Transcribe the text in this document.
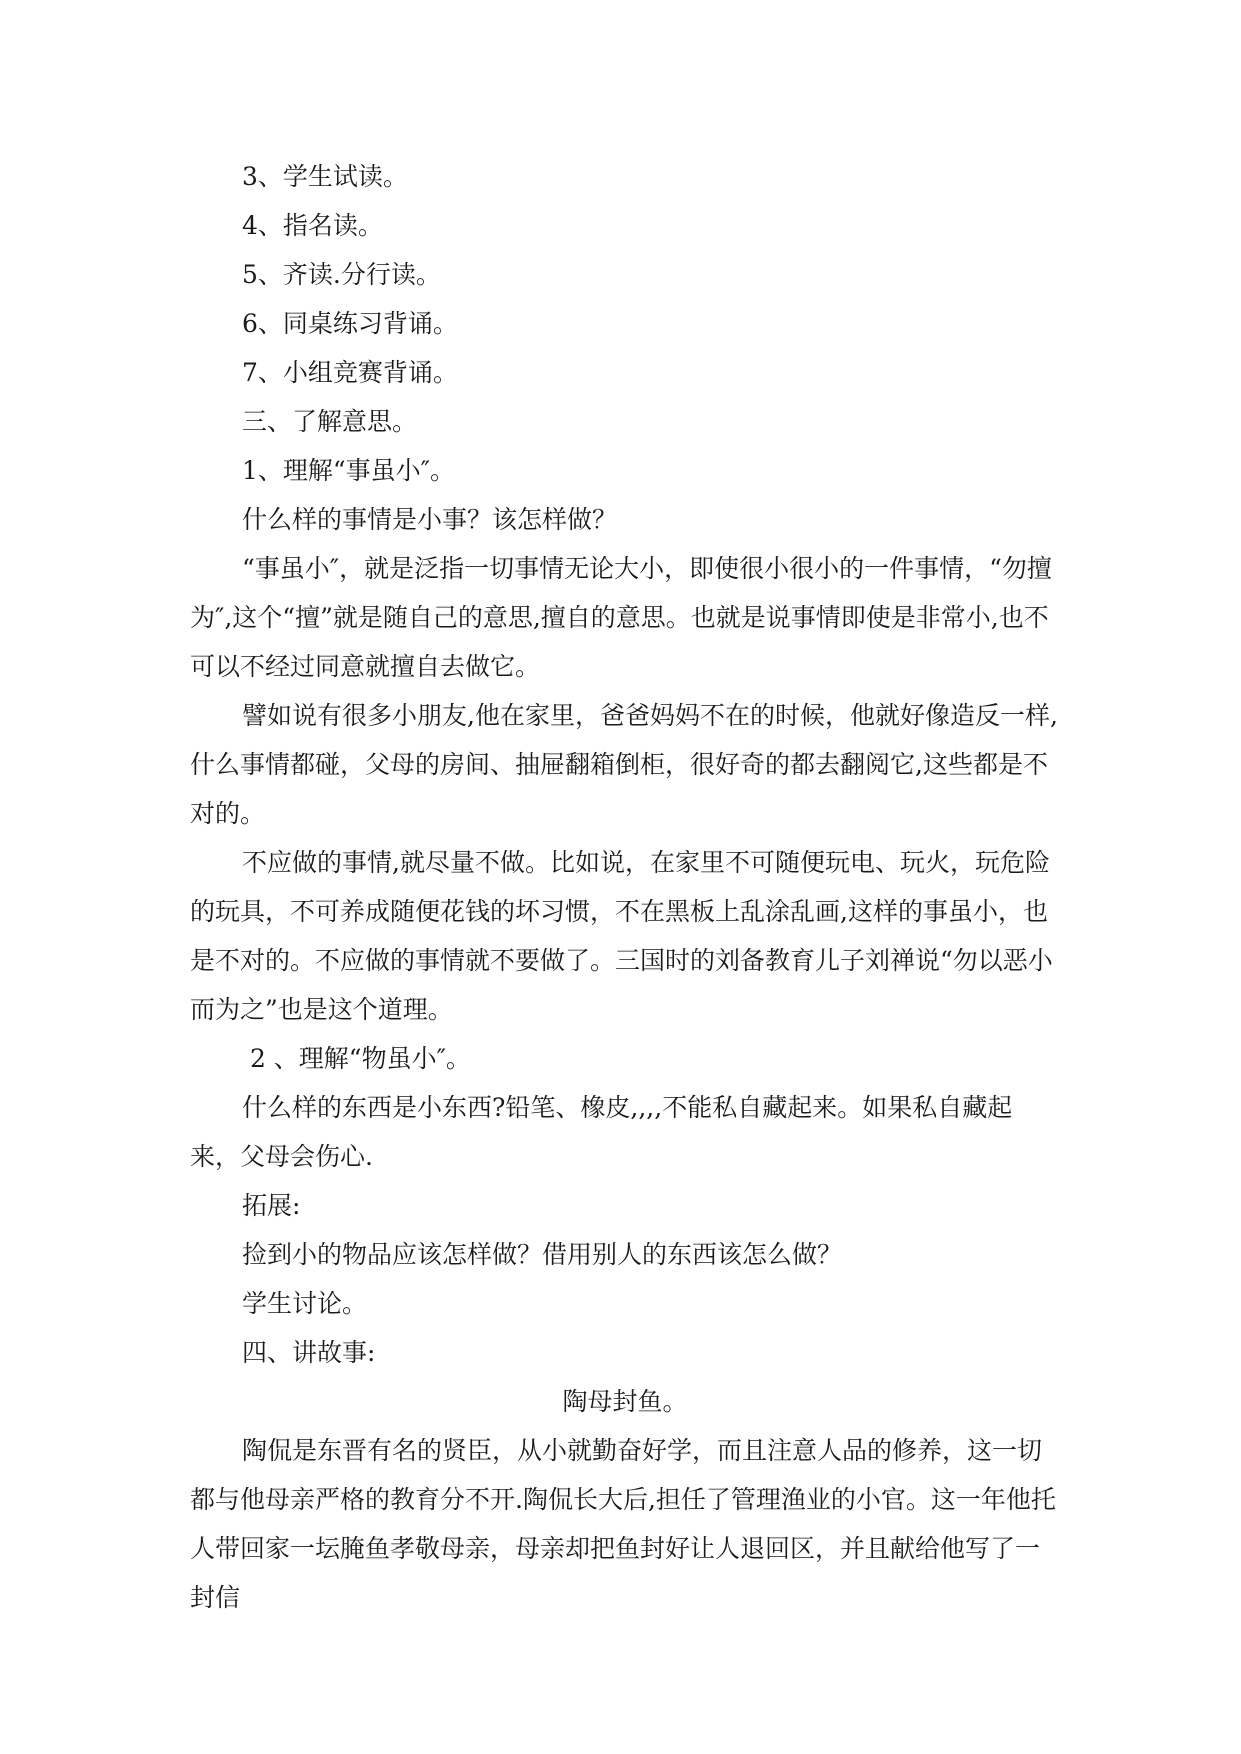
3、学生试读。

4、指名读。

5、齐读.分行读。

6、同桌练习背诵。

7、小组竞赛背诵。

三、了解意思。

1、理解“事虽小″。

什么样的事情是小事？该怎样做？

“事虽小″，就是泛指一切事情无论大小，即使很小很小的一件事情，“勿擅为″,这个“擅”就是随自己的意思,擅自的意思。也就是说事情即使是非常小,也不可以不经过同意就擅自去做它。

譬如说有很多小朋友,他在家里，爸爸妈妈不在的时候，他就好像造反一样,什么事情都碰，父母的房间、抽屉翻箱倒柜，很好奇的都去翻阅它,这些都是不对的。

不应做的事情,就尽量不做。比如说，在家里不可随便玩电、玩火，玩危险的玩具，不可养成随便花钱的坏习惯，不在黑板上乱涂乱画,这样的事虽小，也是不对的。不应做的事情就不要做了。三国时的刘备教育儿子刘禅说“勿以恶小而为之”也是这个道理。

2 、理解“物虽小″。

什么样的东西是小东西?铅笔、橡皮,,,,不能私自藏起来。如果私自藏起来，父母会伤心.

拓展:

捡到小的物品应该怎样做？借用别人的东西该怎么做？

学生讨论。

四、讲故事:

陶母封鱼。

陶侃是东晋有名的贤臣，从小就勤奋好学，而且注意人品的修养，这一切都与他母亲严格的教育分不开.陶侃长大后,担任了管理渔业的小官。这一年他托人带回家一坛腌鱼孝敬母亲，母亲却把鱼封好让人退回区，并且献给他写了一封信
